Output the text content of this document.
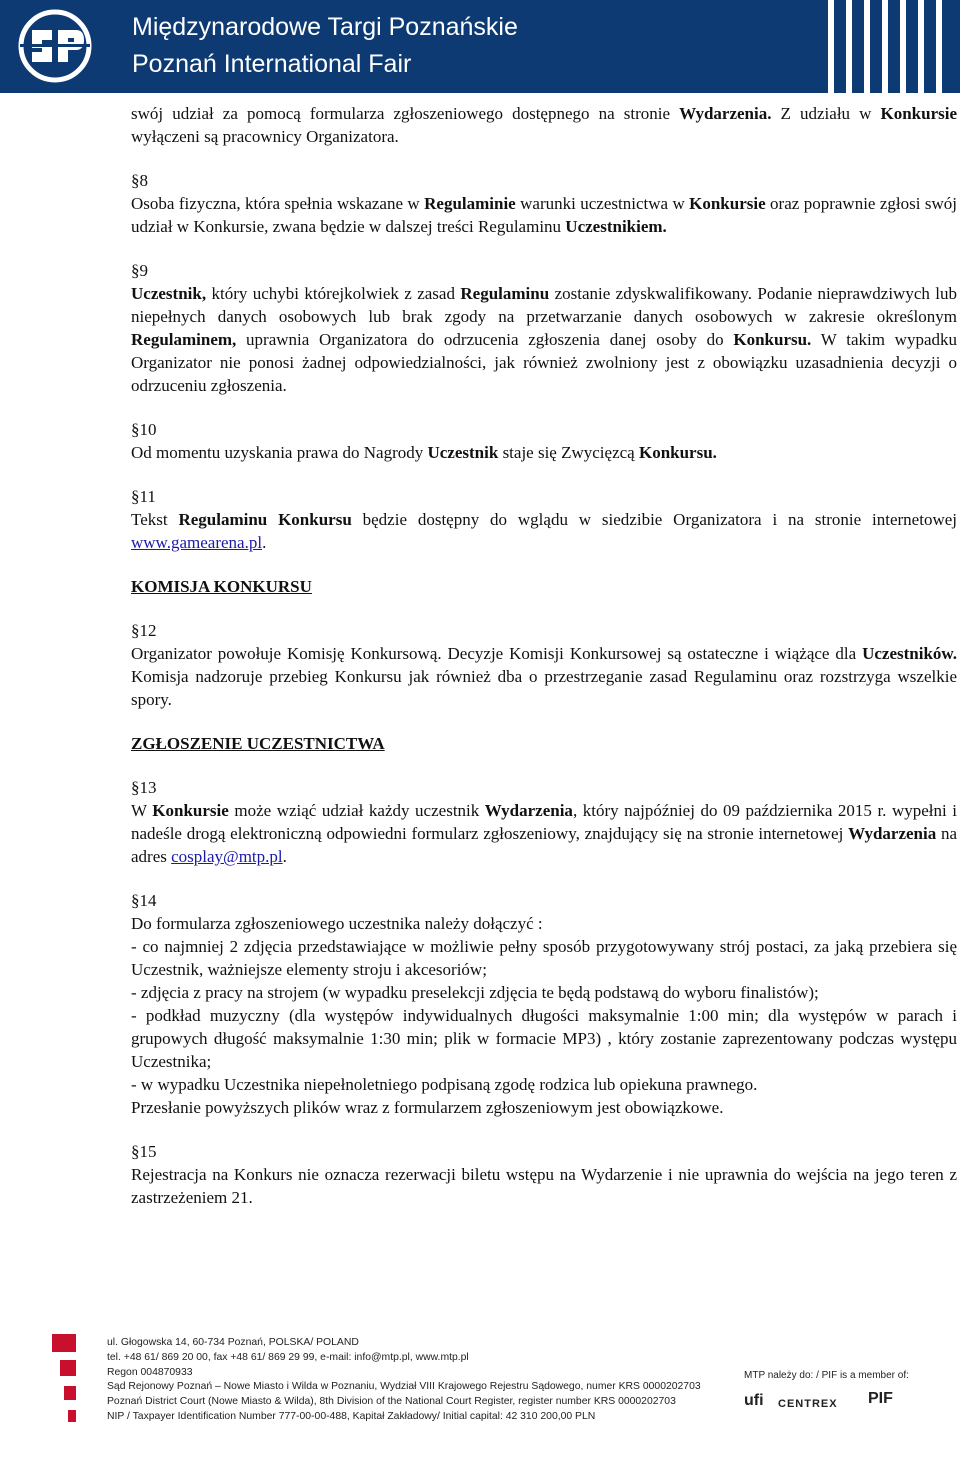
Międzynarodowe Targi Poznańskie
Poznań International Fair

swój udział za pomocą formularza zgłoszeniowego dostępnego na stronie Wydarzenia. Z udziału w Konkursie wyłączeni są pracownicy Organizatora.

§8

Osoba fizyczna, która spełnia wskazane w Regulaminie warunki uczestnictwa w Konkursie oraz poprawnie zgłosi swój udział w Konkursie, zwana będzie w dalszej treści Regulaminu Uczestnikiem.

§9

Uczestnik, który uchybi którejkolwiek z zasad Regulaminu zostanie zdyskwalifikowany. Podanie nieprawdziwych lub niepełnych danych osobowych lub brak zgody na przetwarzanie danych osobowych w zakresie określonym Regulaminem, uprawnia Organizatora do odrzucenia zgłoszenia danej osoby do Konkursu. W takim wypadku Organizator nie ponosi żadnej odpowiedzialności, jak również zwolniony jest z obowiązku uzasadnienia decyzji o odrzuceniu zgłoszenia.

§10

Od momentu uzyskania prawa do Nagrody Uczestnik staje się Zwycięzcą Konkursu.

§11

Tekst Regulaminu Konkursu będzie dostępny do wglądu w siedzibie Organizatora i na stronie internetowej www.gamearena.pl.

KOMISJA KONKURSU

§12

Organizator powołuje Komisję Konkursową. Decyzje Komisji Konkursowej są ostateczne i wiążące dla Uczestników. Komisja nadzoruje przebieg Konkursu jak również dba o przestrzeganie zasad Regulaminu oraz rozstrzyga wszelkie spory.

ZGŁOSZENIE UCZESTNICTWA

§13

W Konkursie może wziąć udział każdy uczestnik Wydarzenia, który najpóźniej do 09 października 2015 r. wypełni i nadeśle drogą elektroniczną odpowiedni formularz zgłoszeniowy, znajdujący się na stronie internetowej Wydarzenia na adres cosplay@mtp.pl.

§14

Do formularza zgłoszeniowego uczestnika należy dołączyć :

- co najmniej 2 zdjęcia przedstawiające w możliwie pełny sposób przygotowywany strój postaci, za jaką przebiera się Uczestnik, ważniejsze elementy stroju i akcesoriów;

- zdjęcia z pracy na strojem (w wypadku preselekcji zdjęcia te będą podstawą do wyboru finalistów);

- podkład muzyczny (dla występów indywidualnych długości maksymalnie 1:00 min; dla występów w parach i grupowych długość maksymalnie 1:30 min; plik w formacie MP3) , który zostanie zaprezentowany podczas występu Uczestnika;

- w wypadku Uczestnika niepełnoletniego podpisaną zgodę rodzica lub opiekuna prawnego.

Przesłanie powyższych plików wraz z formularzem zgłoszeniowym jest obowiązkowe.

§15

Rejestracja na Konkurs nie oznacza rezerwacji biletu wstępu na Wydarzenie i nie uprawnia do wejścia na jego teren z zastrzeżeniem 21.

ul. Głogowska 14, 60-734 Poznań, POLSKA/ POLAND
tel. +48 61/ 869 20 00, fax +48 61/ 869 29 99, e-mail: info@mtp.pl, www.mtp.pl
Regon 004870933
Sąd Rejonowy Poznań – Nowe Miasto i Wilda w Poznaniu, Wydział VIII Krajowego Rejestru Sądowego, numer KRS 0000202703
Poznań District Court (Nowe Miasto & Wilda), 8th Division of the National Court Register, register number KRS 0000202703
NIP / Taxpayer Identification Number 777-00-00-488, Kapitał Zakładowy/ Initial capital: 42 310 200,00 PLN
MTP należy do: / PIF is a member of:
ufi CENTREX PIF
